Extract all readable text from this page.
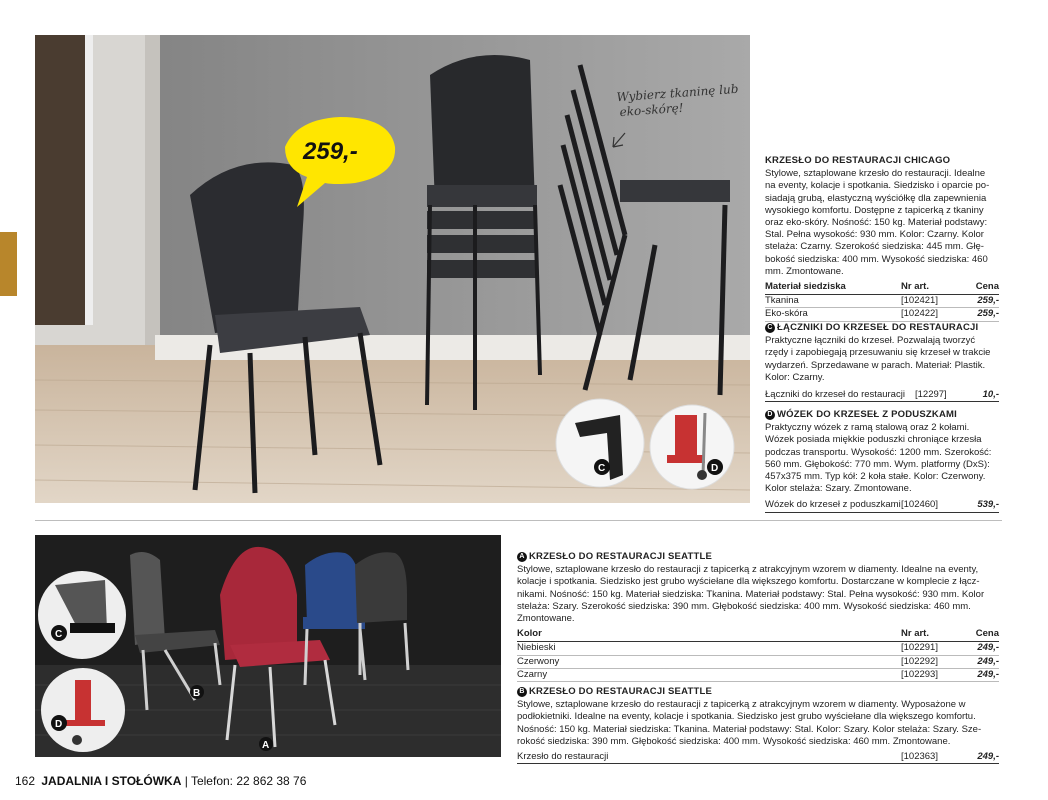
259,-
C	D
Wybierz tkaninę lub
eko-skórę!
KRZESŁO DO RESTAURACJI CHICAGO

Stylowe, sztaplowane krzesło do restauracji. Idealne
na eventy, kolacje i spotkania. Siedzisko i oparcie po-
siadają grubą, elastyczną wyściółkę dla zapewnienia
wysokiego komfortu. Dostępne z tapicerką z tkaniny
oraz eko-skóry. Nośność: 150 kg. Materiał podstawy:
Stal. Pełna wysokość: 930 mm. Kolor: Czarny. Kolor
stelaża: Czarny. Szerokość siedziska: 445 mm. Głę-
bokość siedziska: 400 mm. Wysokość siedziska: 460
mm. Zmontowane.

Materiał siedziska	Nr art.	Cena
Tkanina	[102421]	259,-
Eko-skóra	[102422]	259,-
C ŁĄCZNIKI DO KRZESEŁ DO RESTAURACJI

Praktyczne łączniki do krzeseł. Pozwalają tworzyć
rzędy i zapobiegają przesuwaniu się krzeseł w trakcie
wydarzeń. Sprzedawane w parach. Materiał: Plastik.
Kolor: Czarny.

Łączniki do krzeseł do restauracji	[12297]	10,-
D WÓZEK DO KRZESEŁ Z PODUSZKAMI

Praktyczny wózek z ramą stalową oraz 2 kołami.
Wózek posiada miękkie poduszki chroniące krzesła
podczas transportu. Wysokość: 1200 mm. Szerokość:
560 mm. Głębokość: 770 mm. Wym. platformy (DxS):
457x375 mm. Typ kół: 2 koła stałe. Kolor: Czerwony.
Kolor stelaża: Szary. Zmontowane.

Wózek do krzeseł z poduszkami [102460]	539,-
C
D
B
A
A KRZESŁO DO RESTAURACJI SEATTLE

Stylowe, sztaplowane krzesło do restauracji z tapicerką z atrakcyjnym wzorem w diamenty. Idealne na eventy,
kolacje i spotkania. Siedzisko jest grubo wyściełane dla większego komfortu. Dostarczane w komplecie z łącz-
nikami. Nośność: 150 kg. Materiał siedziska: Tkanina. Materiał podstawy: Stal. Pełna wysokość: 930 mm. Kolor
stelaża: Szary. Szerokość siedziska: 390 mm. Głębokość siedziska: 400 mm. Wysokość siedziska: 460 mm.
Zmontowane.

Kolor	Nr art.	Cena
Niebieski	[102291]	249,-
Czerwony	[102292]	249,-
Czarny	[102293]	249,-
B KRZESŁO DO RESTAURACJI SEATTLE

Stylowe, sztaplowane krzesło do restauracji z tapicerką z atrakcyjnym wzorem w diamenty. Wyposażone w
podłokietniki. Idealne na eventy, kolacje i spotkania. Siedzisko jest grubo wyściełane dla większego komfortu.
Nośność: 150 kg. Materiał siedziska: Tkanina. Materiał podstawy: Stal. Kolor: Szary. Kolor stelaża: Szary. Sze-
rokość siedziska: 390 mm. Głębokość siedziska: 400 mm. Wysokość siedziska: 460 mm. Zmontowane.

Krzesło do restauracji	[102363]	249,-
162 JADALNIA I STOŁÓWKA | Telefon: 22 862 38 76
